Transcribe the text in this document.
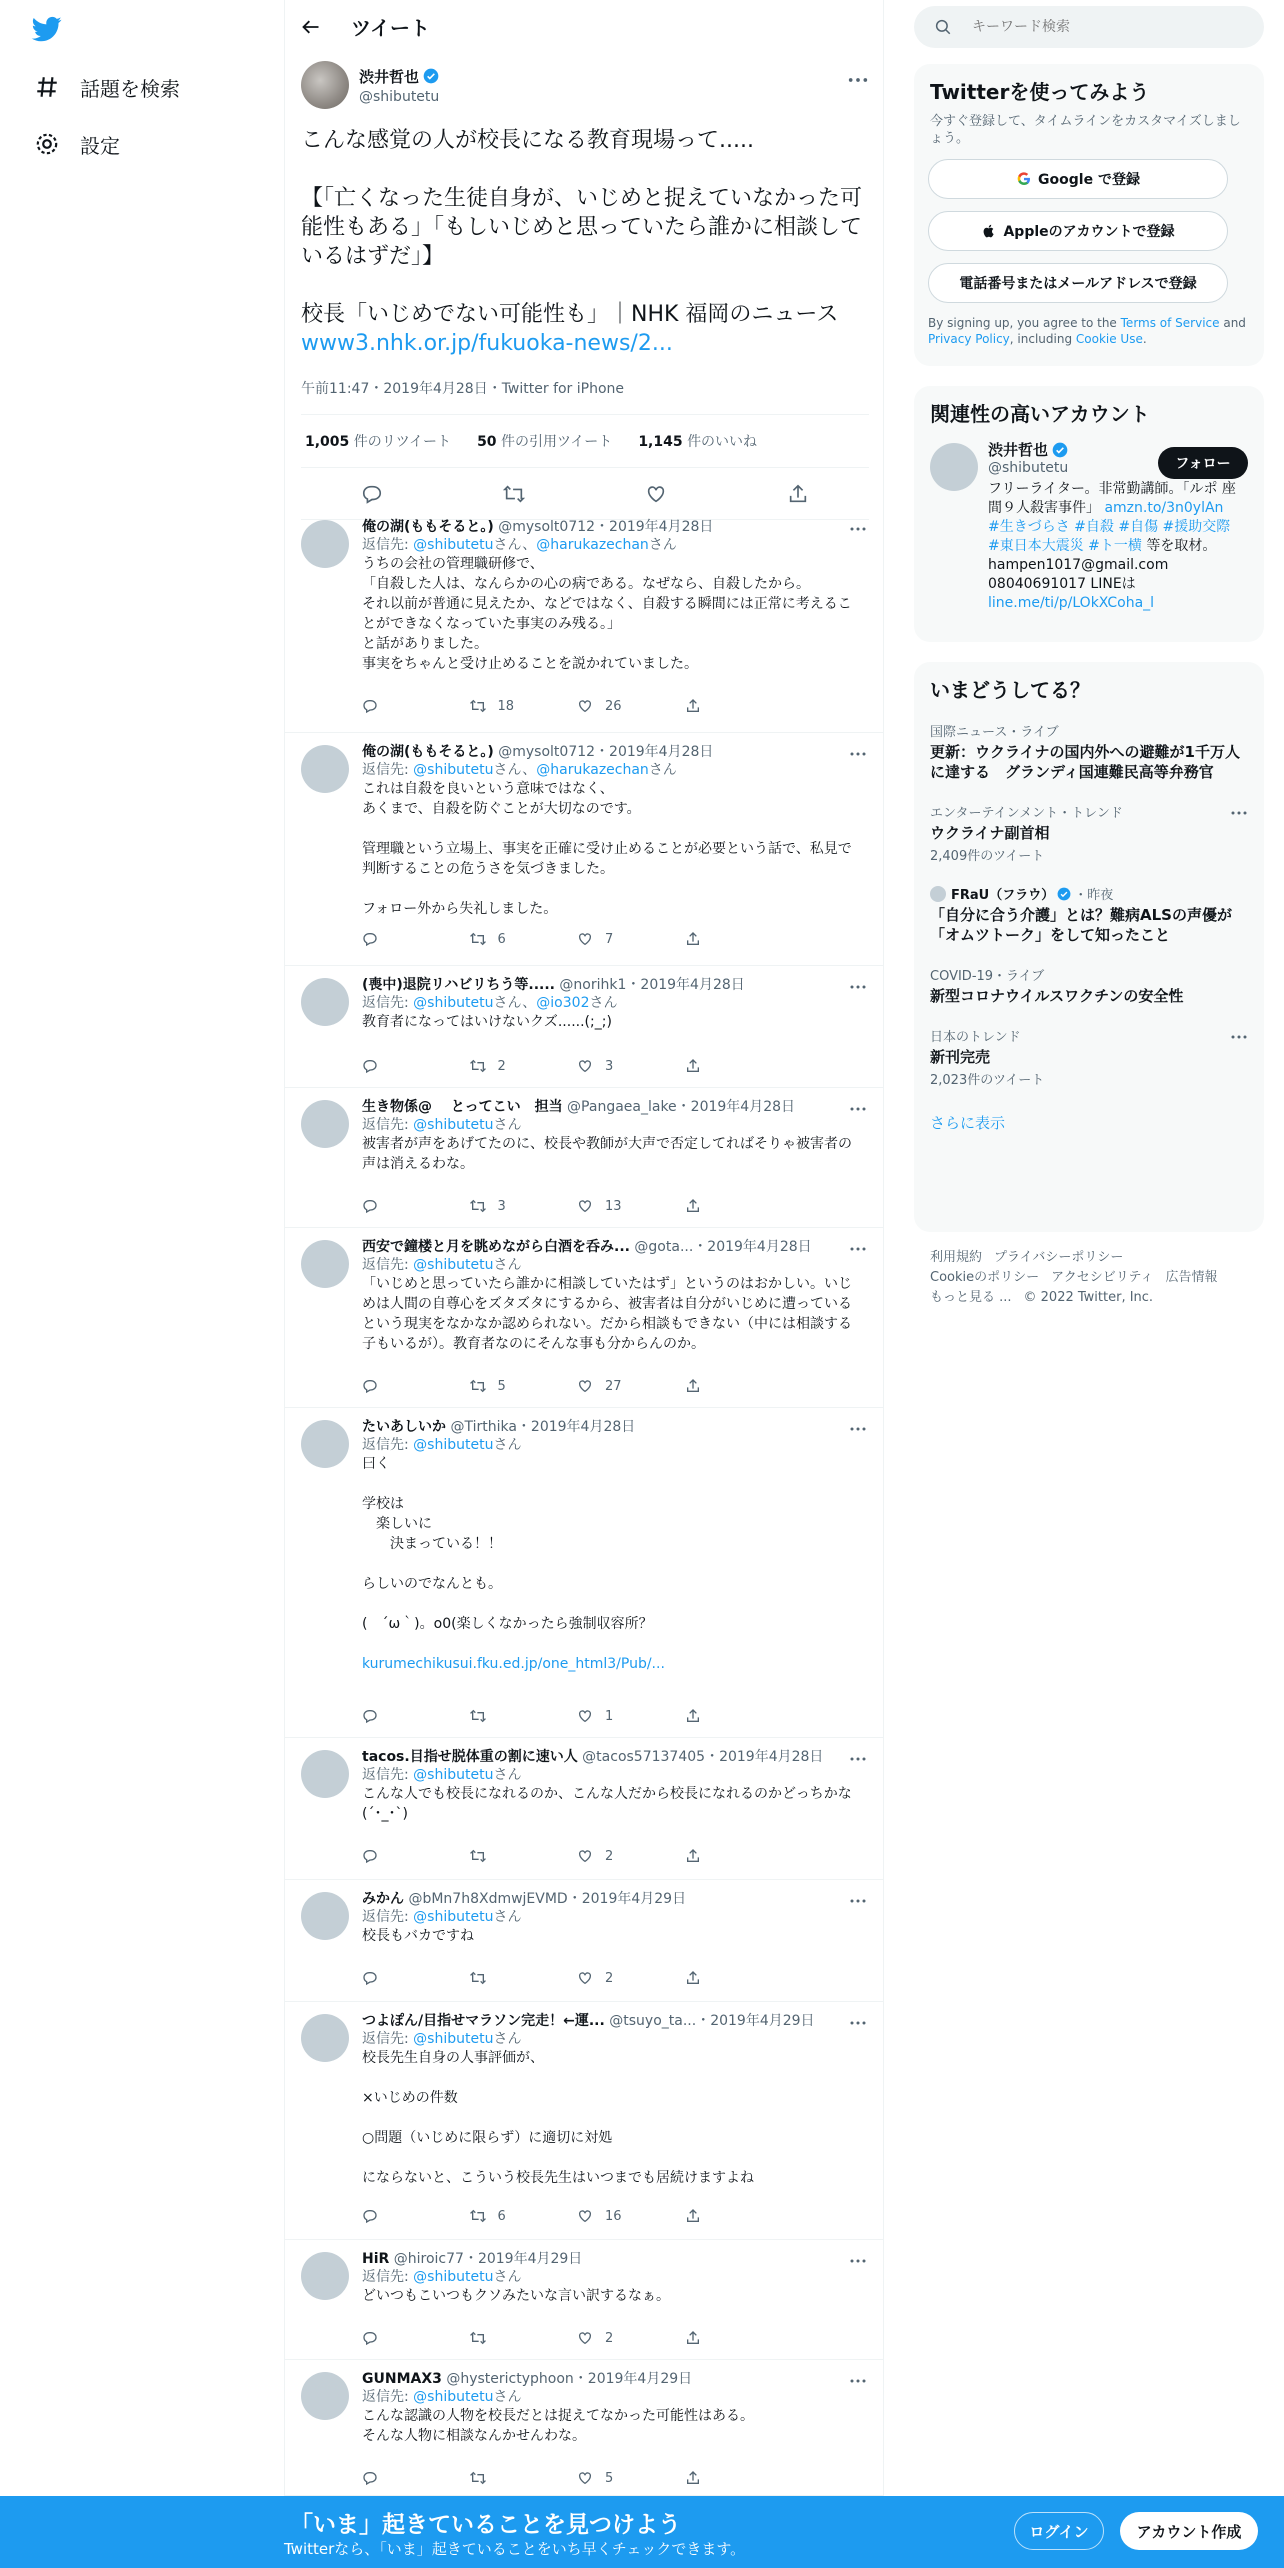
話題を検索
設定
ツイート
渋井哲也
@shibutetu
こんな感覚の人が校長になる教育現場って.....

【「亡くなった生徒自身が、いじめと捉えていなかった可能性もある」「もしいじめと思っていたら誰かに相談しているはずだ」】

校長「いじめでない可能性も」｜NHK 福岡のニュース www3.nhk.or.jp/fukuoka-news/2...
午前11:47・2019年4月28日・Twitter for iPhone
1,005 件のリツイート 50 件の引用ツイート 1,145 件のいいね
俺の湖(ももそると。) @mysolt0712・2019年4月28日
返信先: @shibutetuさん、@harukazechanさん
うちの会社の管理職研修で、
「自殺した人は、なんらかの心の病である。なぜなら、自殺したから。
それ以前が普通に見えたか、などではなく、自殺する瞬間には正常に考えることができなくなっていた事実のみ残る。」
と話がありました。
事実をちゃんと受け止めることを説かれていました。
18	26
俺の湖(ももそると。) @mysolt0712・2019年4月28日
返信先: @shibutetuさん、@harukazechanさん
これは自殺を良いという意味ではなく、
あくまで、自殺を防ぐことが大切なのです。

管理職という立場上、事実を正確に受け止めることが必要という話で、私見で判断することの危うさを気づきました。

フォロー外から失礼しました。
6	7
(喪中)退院リハビリちう等..... @norihk1・2019年4月28日
返信先: @shibutetuさん、@io302さん
教育者になってはいけないクズ......(;_;)
2	3
生き物係@　 とってこい　担当 @Pangaea_lake・2019年4月28日
返信先: @shibutetuさん
被害者が声をあげてたのに、校長や教師が大声で否定してればそりゃ被害者の声は消えるわな。
3	13
西安で鐘楼と月を眺めながら白酒を呑み... @gota...・2019年4月28日
返信先: @shibutetuさん
「いじめと思っていたら誰かに相談していたはず」というのはおかしい。いじめは人間の自尊心をズタズタにするから、被害者は自分がいじめに遭っているという現実をなかなか認められない。だから相談もできない（中には相談する子もいるが）。教育者なのにそんな事も分からんのか。
5	27
たいあしいか @Tirthika・2019年4月28日
返信先: @shibutetuさん
曰く

学校は
　楽しいに
　　決まっている！！

らしいのでなんとも。

(　´ω｀)。o0(楽しくなかったら強制収容所？

kurumechikusui.fku.ed.jp/one_html3/Pub/...
1
tacos.目指せ脱体重の割に速い人 @tacos57137405・2019年4月28日
返信先: @shibutetuさん
こんな人でも校長になれるのか、こんな人だから校長になれるのかどっちかな(´･_･`)
2
みかん @bMn7h8XdmwjEVMD・2019年4月29日
返信先: @shibutetuさん
校長もバカですね
2
つよぽん/目指せマラソン完走！←運... @tsuyo_ta...・2019年4月29日
返信先: @shibutetuさん
校長先生自身の人事評価が、

×いじめの件数

○問題（いじめに限らず）に適切に対処

にならないと、こういう校長先生はいつまでも居続けますよね
6	16
HiR @hiroic77・2019年4月29日
返信先: @shibutetuさん
どいつもこいつもクソみたいな言い訳するなぁ。
2
GUNMAX3 @hysterictyphoon・2019年4月29日
返信先: @shibutetuさん
こんな認識の人物を校長だとは捉えてなかった可能性はある。
そんな人物に相談なんかせんわな。
5
キーワード検索
Twitterを使ってみよう
今すぐ登録して、タイムラインをカスタマイズしましょう。
Google で登録
Appleのアカウントで登録
電話番号またはメールアドレスで登録
By signing up, you agree to the Terms of Service and Privacy Policy, including Cookie Use.
関連性の高いアカウント
フォロー
渋井哲也
@shibutetu
フリーライター。非常勤講師。「ルポ 座間９人殺害事件」 amzn.to/3n0ylAn
#生きづらさ #自殺 #自傷 #援助交際 #東日本大震災 #ト一横 等を取材。
hampen1017@gmail.com
08040691017 LINEは
line.me/ti/p/LOkXCoha_l
いまどうしてる？
国際ニュース・ライブ
更新：ウクライナの国内外への避難が1千万人に達する　グランディ国連難民高等弁務官
エンターテインメント・トレンド
ウクライナ副首相
2,409件のツイート
FRaU（フラウ） ・昨夜
「自分に合う介護」とは？難病ALSの声優が「オムツトーク」をして知ったこと
COVID-19・ライブ
新型コロナウイルスワクチンの安全性
日本のトレンド
新刊完売
2,023件のツイート
さらに表示
利用規約 プライバシーポリシー
Cookieのポリシー アクセシビリティ 広告情報
もっと見る ... © 2022 Twitter, Inc.
「いま」起きていることを見つけよう
Twitterなら、「いま」起きていることをいち早くチェックできます。
ログイン	アカウント作成
